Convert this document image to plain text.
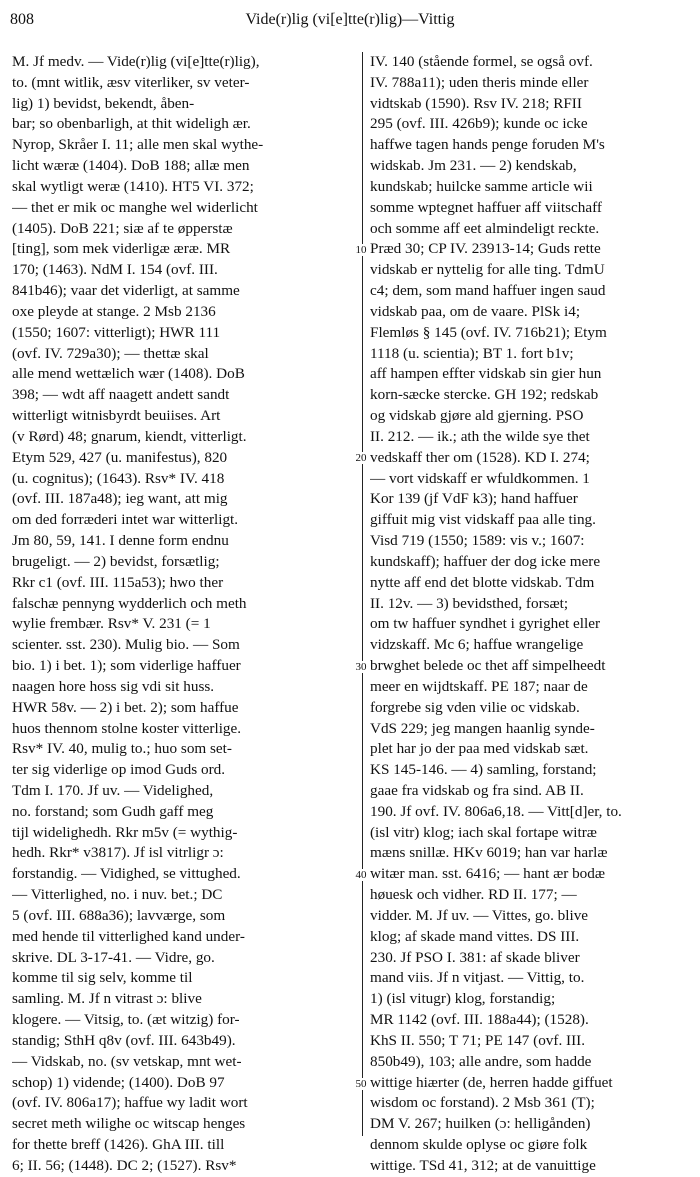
808	Vide(r)lig (vi[e]tte(r)lig)—Vittig
M. Jf medv. — Vide(r)lig (vi[e]tte(r)lig),
to. (mnt witlik, æsv viterliker, sv veter-
lig) 1) bevidst, bekendt, åben-
bar; so obenbarligh, at thit wideligh ær.
Nyrop, Skråer I. 11; alle men skal wythe-
licht wæræ (1404). DoB 188; allæ men
skal wytligt weræ (1410). HT5 VI. 372;
— thet er mik oc manghe wel widerlicht
(1405). DoB 221; siæ af te øpperstæ
[ting], som mek viderligæ æræ. MR
170; (1463). NdM I. 154 (ovf. III.
841b46); vaar det viderligt, at samme
oxe pleyde at stange. 2 Msb 2136
(1550; 1607: vitterligt); HWR 111
(ovf. IV. 729a30); — thettæ skal
alle mend wettælich wær (1408). DoB
398; — wdt aff naagett andett sandt
witterligt witnisbyrdt beuiises. Art
(v Rørd) 48; gnarum, kiendt, vitterligt.
Etym 529, 427 (u. manifestus), 820
(u. cognitus); (1643). Rsv* IV. 418
(ovf. III. 187a48); ieg want, att mig
om ded forræderi intet war witterligt.
Jm 80, 59, 141. I denne form endnu
brugeligt. — 2) bevidst, forsætlig;
Rkr c1 (ovf. III. 115a53); hwo ther
falschæ pennyng wydderlich och meth
wylie frembær. Rsv* V. 231 (= 1
scienter. sst. 230). Mulig bio. — Som
bio. 1) i bet. 1); som viderlige haffuer
naagen hore hoss sig vdi sit huss.
HWR 58v. — 2) i bet. 2); som haffue
huos thennom stolne koster vitterlige.
Rsv* IV. 40, mulig to.; huo som set-
ter sig viderlige op imod Guds ord.
Tdm I. 170. Jf uv. — Videlighed,
no. forstand; som Gudh gaff meg
tijl widelighedh. Rkr m5v (= wythig-
hedh. Rkr* v3817). Jf isl vitrligr ɔ:
forstandig. — Vidighed, se vittughed.
— Vitterlighed, no. i nuv. bet.; DC
5 (ovf. III. 688a36); lavværge, som
med hende til vitterlighed kand under-
skrive. DL 3-17-41. — Vidre, go.
komme til sig selv, komme til
samling. M. Jf n vitrast ɔ: blive
klogere. — Vitsig, to. (æt witzig) for-
standig; SthH q8v (ovf. III. 643b49).
— Vidskab, no. (sv vetskap, mnt wet-
schop) 1) vidende; (1400). DoB 97
(ovf. IV. 806a17); haffue wy ladit wort
secret meth wilighe oc witscap henges
for thette breff (1426). GhA III. till
6; II. 56; (1448). DC 2; (1527). Rsv*
10
20
30
40
50
IV. 140 (stående formel, se også ovf.
IV. 788a11); uden theris minde eller
vidtskab (1590). Rsv IV. 218; RFII
295 (ovf. III. 426b9); kunde oc icke
haffwe tagen hands penge foruden M's
widskab. Jm 231. — 2) kendskab,
kundskab; huilcke samme article wii
somme wptegnet haffuer aff viitschaff
och somme aff eet almindeligt reckte.
Præd 30; CP IV. 23913-14; Guds rette
vidskab er nyttelig for alle ting. TdmU
c4; dem, som mand haffuer ingen saud
vidskab paa, om de vaare. PlSk i4;
Flemløs § 145 (ovf. IV. 716b21); Etym
1118 (u. scientia); BT 1. fort b1v;
aff hampen effter vidskab sin gier hun
korn-sæcke stercke. GH 192; redskab
og vidskab gjøre ald gjerning. PSO
II. 212. — ik.; ath the wilde sye thet
vedskaff ther om (1528). KD I. 274;
— vort vidskaff er wfuldkommen. 1
Kor 139 (jf VdF k3); hand haffuer
giffuit mig vist vidskaff paa alle ting.
Visd 719 (1550; 1589: vis v.; 1607:
kundskaff); haffuer der dog icke mere
nytte aff end det blotte vidskab. Tdm
II. 12v. — 3) bevidsthed, forsæt;
om tw haffuer syndhet i gyrighet eller
vidzskaff. Mc 6; haffue wrangelige
brwghet belede oc thet aff simpelheedt
meer en wijdtskaff. PE 187; naar de
forgrebe sig vden vilie oc vidskab.
VdS 229; jeg mangen haanlig synde-
plet har jo der paa med vidskab sæt.
KS 145-146. — 4) samling, forstand;
gaae fra vidskab og fra sind. AB II.
190. Jf ovf. IV. 806a6,18. — Vitt[d]er, to.
(isl vitr) klog; iach skal fortape witræ
mæns snillæ. HKv 6019; han var harlæ
witær man. sst. 6416; — hant ær bodæ
høuesk och vidher. RD II. 177; —
vidder. M. Jf uv. — Vittes, go. blive
klog; af skade mand vittes. DS III.
230. Jf PSO I. 381: af skade bliver
mand viis. Jf n vitjast. — Vittig, to.
1) (isl vitugr) klog, forstandig;
MR 1142 (ovf. III. 188a44); (1528).
KhS II. 550; T 71; PE 147 (ovf. III.
850b49), 103; alle andre, som hadde
wittige hiærter (de, herren hadde giffuet
wisdom oc forstand). 2 Msb 361 (T);
DM V. 267; huilken (ɔ: helligånden)
dennom skulde oplyse oc giøre folk
wittige. TSd 41, 312; at de vanuittige
